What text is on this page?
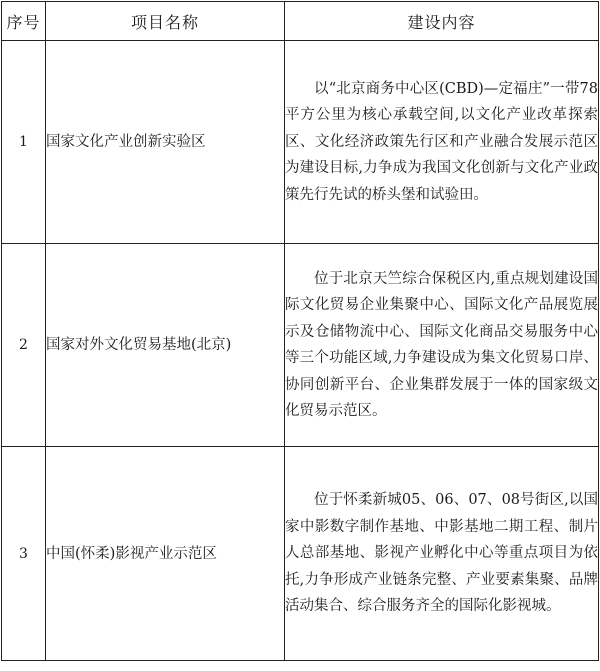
序号	项目名称	建设内容
1	国家文化产业创新实验区	以“北京商务中心区(CBD)—定福庄”一带78平方公里为核心承载空间,以文化产业改革探索区、文化经济政策先行区和产业融合发展示范区为建设目标,力争成为我国文化创新与文化产业政策先行先试的桥头堡和试验田。
2	国家对外文化贸易基地(北京)	位于北京天竺综合保税区内,重点规划建设国际文化贸易企业集聚中心、国际文化产品展览展示及仓储物流中心、国际文化商品交易服务中心等三个功能区域,力争建设成为集文化贸易口岸、协同创新平台、企业集群发展于一体的国家级文化贸易示范区。
3	中国(怀柔)影视产业示范区	位于怀柔新城05、06、07、08号街区,以国家中影数字制作基地、中影基地二期工程、制片人总部基地、影视产业孵化中心等重点项目为依托,力争形成产业链条完整、产业要素集聚、品牌活动集合、综合服务齐全的国际化影视城。
